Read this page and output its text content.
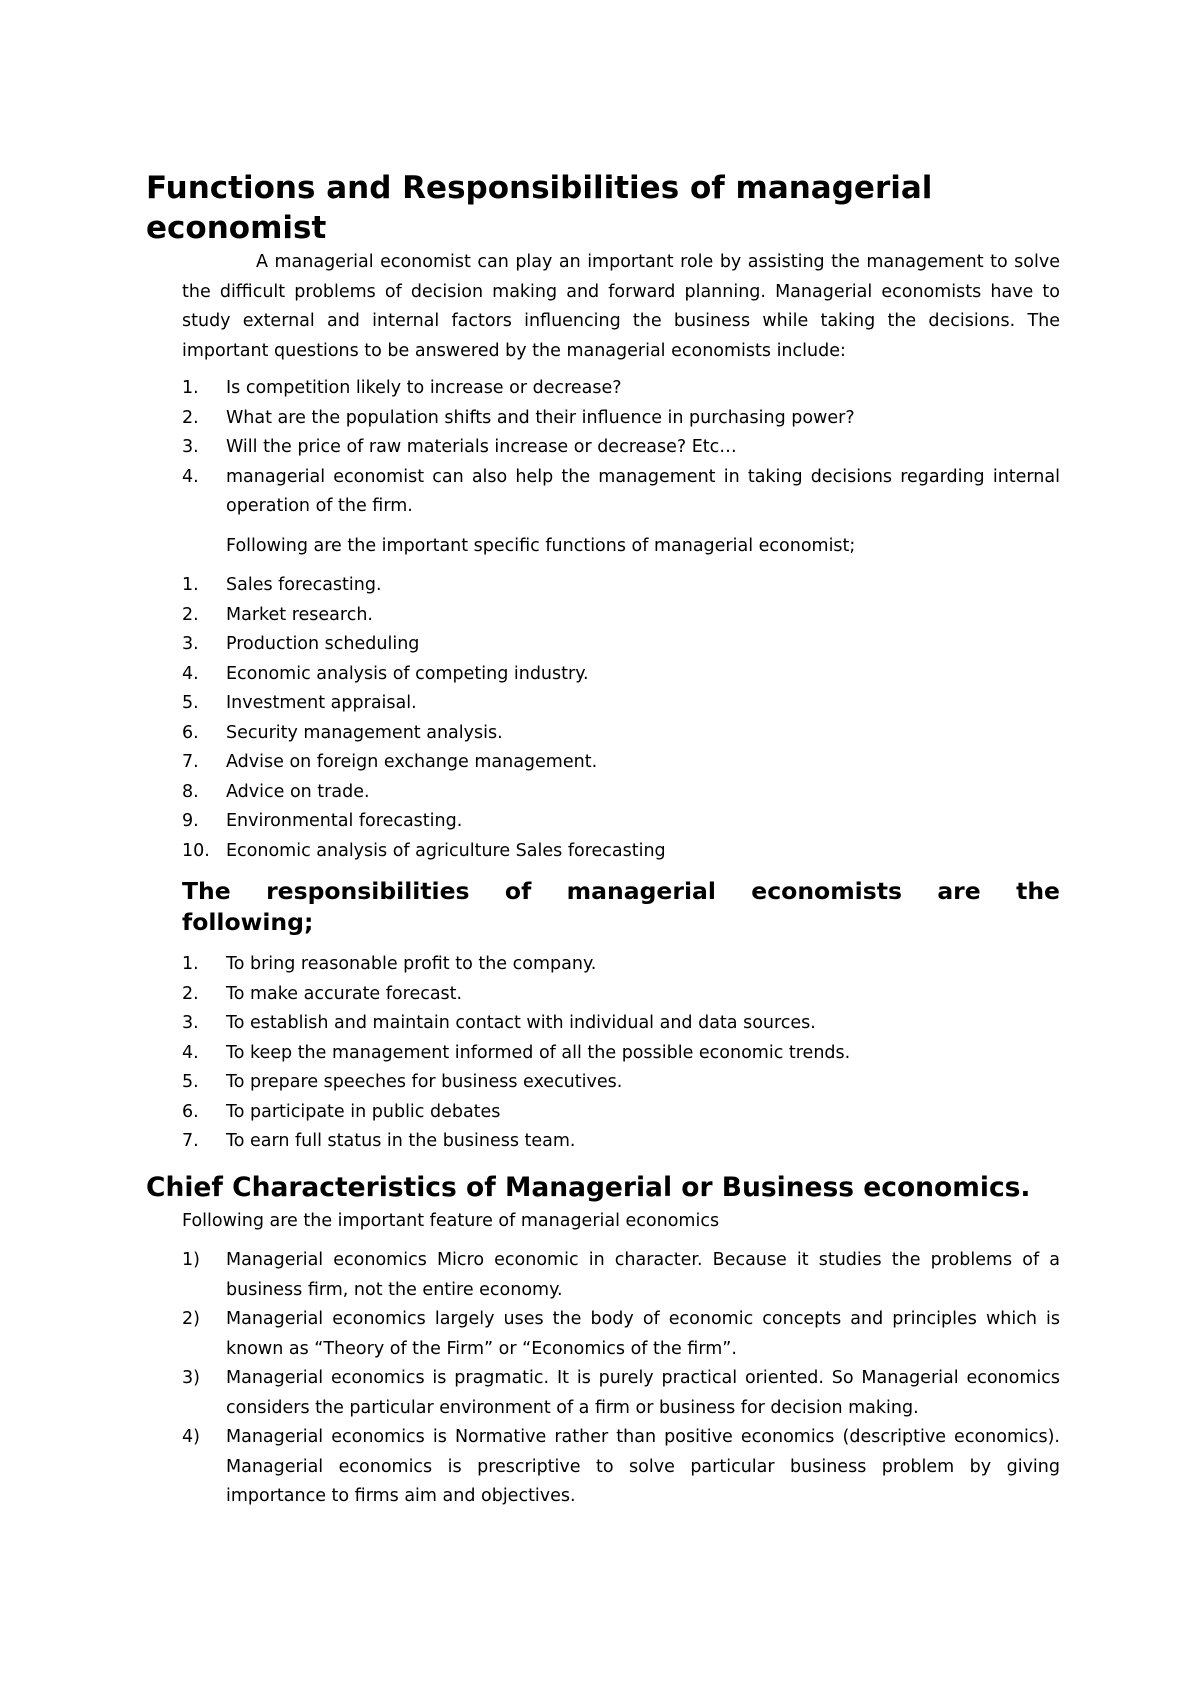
Functions and Responsibilities of managerial economist

A managerial economist can play an important role by assisting the management to solve the difficult problems of decision making and forward planning. Managerial economists have to study external and internal factors influencing the business while taking the decisions. The important questions to be answered by the managerial economists include:

1. Is competition likely to increase or decrease?
2. What are the population shifts and their influence in purchasing power?
3. Will the price of raw materials increase or decrease? Etc…
4. managerial economist can also help the management in taking decisions regarding internal operation of the firm.

Following are the important specific functions of managerial economist;

1. Sales forecasting.
2. Market research.
3. Production scheduling
4. Economic analysis of competing industry.
5. Investment appraisal.
6. Security management analysis.
7. Advise on foreign exchange management.
8. Advice on trade.
9. Environmental forecasting.
10. Economic analysis of agriculture Sales forecasting
The responsibilities of managerial economists are the
following;
1. To bring reasonable profit to the company.
2. To make accurate forecast.
3. To establish and maintain contact with individual and data sources.
4. To keep the management informed of all the possible economic trends.
5. To prepare speeches for business executives.
6. To participate in public debates
7. To earn full status in the business team.
Chief Characteristics of Managerial or Business economics.

Following are the important feature of managerial economics

1) Managerial economics Micro economic in character. Because it studies the problems of a business firm, not the entire economy.
2) Managerial economics largely uses the body of economic concepts and principles which is known as “Theory of the Firm” or “Economics of the firm”.
3) Managerial economics is pragmatic. It is purely practical oriented. So Managerial economics considers the particular environment of a firm or business for decision making.
4) Managerial economics is Normative rather than positive economics (descriptive economics). Managerial economics is prescriptive to solve particular business problem by giving importance to firms aim and objectives.
